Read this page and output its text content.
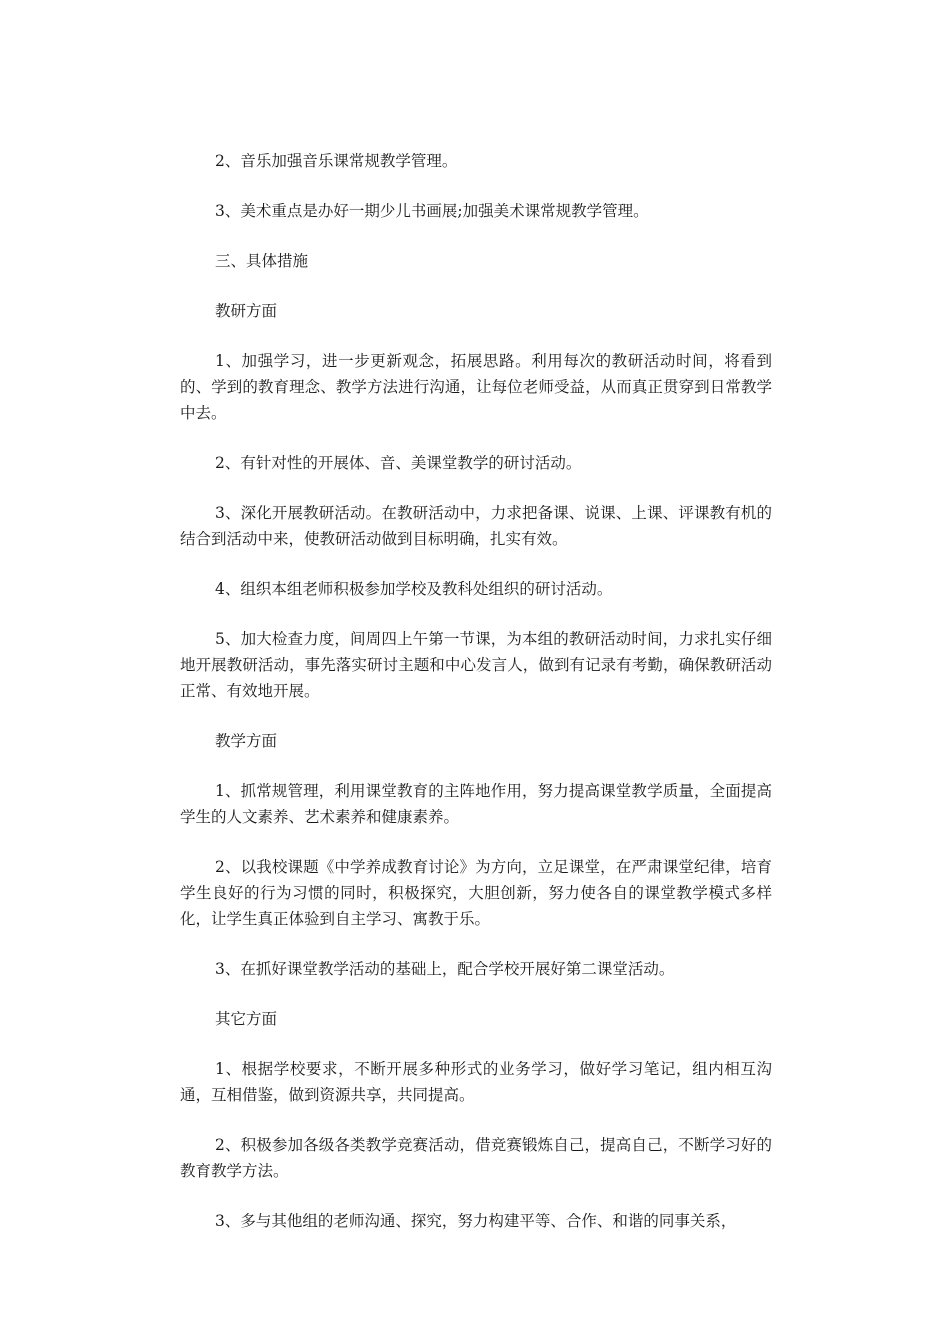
2、音乐加强音乐课常规教学管理。

3、美术重点是办好一期少儿书画展;加强美术课常规教学管理。

三、具体措施

教研方面

1、加强学习，进一步更新观念，拓展思路。利用每次的教研活动时间，将看到的、学到的教育理念、教学方法进行沟通，让每位老师受益，从而真正贯穿到日常教学中去。

2、有针对性的开展体、音、美课堂教学的研讨活动。

3、深化开展教研活动。在教研活动中，力求把备课、说课、上课、评课教有机的结合到活动中来，使教研活动做到目标明确，扎实有效。

4、组织本组老师积极参加学校及教科处组织的研讨活动。

5、加大检查力度，间周四上午第一节课，为本组的教研活动时间，力求扎实仔细地开展教研活动，事先落实研讨主题和中心发言人，做到有记录有考勤，确保教研活动正常、有效地开展。

教学方面

1、抓常规管理，利用课堂教育的主阵地作用，努力提高课堂教学质量，全面提高学生的人文素养、艺术素养和健康素养。

2、以我校课题《中学养成教育讨论》为方向，立足课堂，在严肃课堂纪律，培育学生良好的行为习惯的同时，积极探究，大胆创新，努力使各自的课堂教学模式多样化，让学生真正体验到自主学习、寓教于乐。

3、在抓好课堂教学活动的基础上，配合学校开展好第二课堂活动。

其它方面

1、根据学校要求，不断开展多种形式的业务学习，做好学习笔记，组内相互沟通，互相借鉴，做到资源共享，共同提高。

2、积极参加各级各类教学竞赛活动，借竞赛锻炼自己，提高自己，不断学习好的教育教学方法。

3、多与其他组的老师沟通、探究，努力构建平等、合作、和谐的同事关系，
